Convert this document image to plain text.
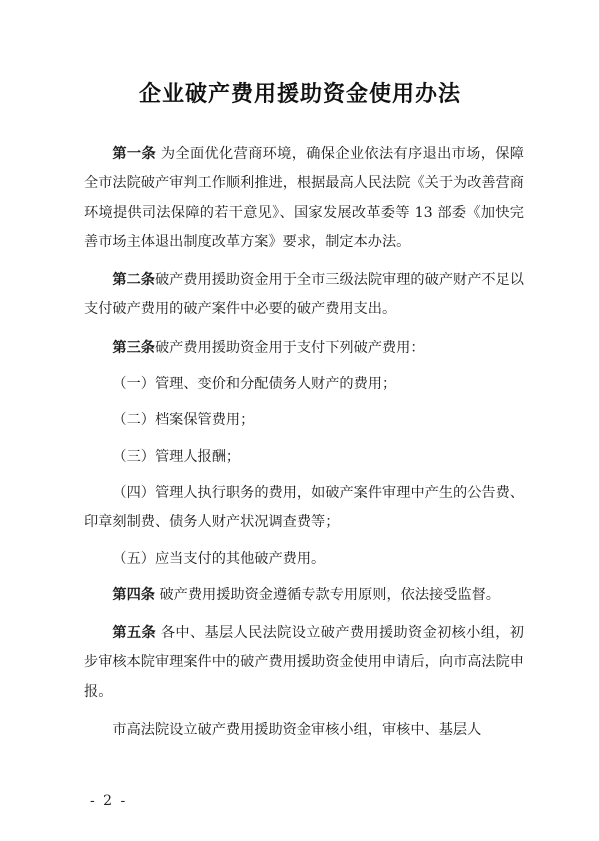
企业破产费用援助资金使用办法

第一条 为全面优化营商环境，确保企业依法有序退出市场，保障全市法院破产审判工作顺利推进，根据最高人民法院《关于为改善营商环境提供司法保障的若干意见》、国家发展改革委等 13 部委《加快完善市场主体退出制度改革方案》要求，制定本办法。

第二条破产费用援助资金用于全市三级法院审理的破产财产不足以支付破产费用的破产案件中必要的破产费用支出。

第三条破产费用援助资金用于支付下列破产费用：

（一）管理、变价和分配债务人财产的费用；

（二）档案保管费用；

（三）管理人报酬；

（四）管理人执行职务的费用，如破产案件审理中产生的公告费、印章刻制费、债务人财产状况调查费等；

（五）应当支付的其他破产费用。

第四条 破产费用援助资金遵循专款专用原则，依法接受监督。

第五条 各中、基层人民法院设立破产费用援助资金初核小组，初步审核本院审理案件中的破产费用援助资金使用申请后，向市高法院申报。

市高法院设立破产费用援助资金审核小组，审核中、基层人

- 2 -
